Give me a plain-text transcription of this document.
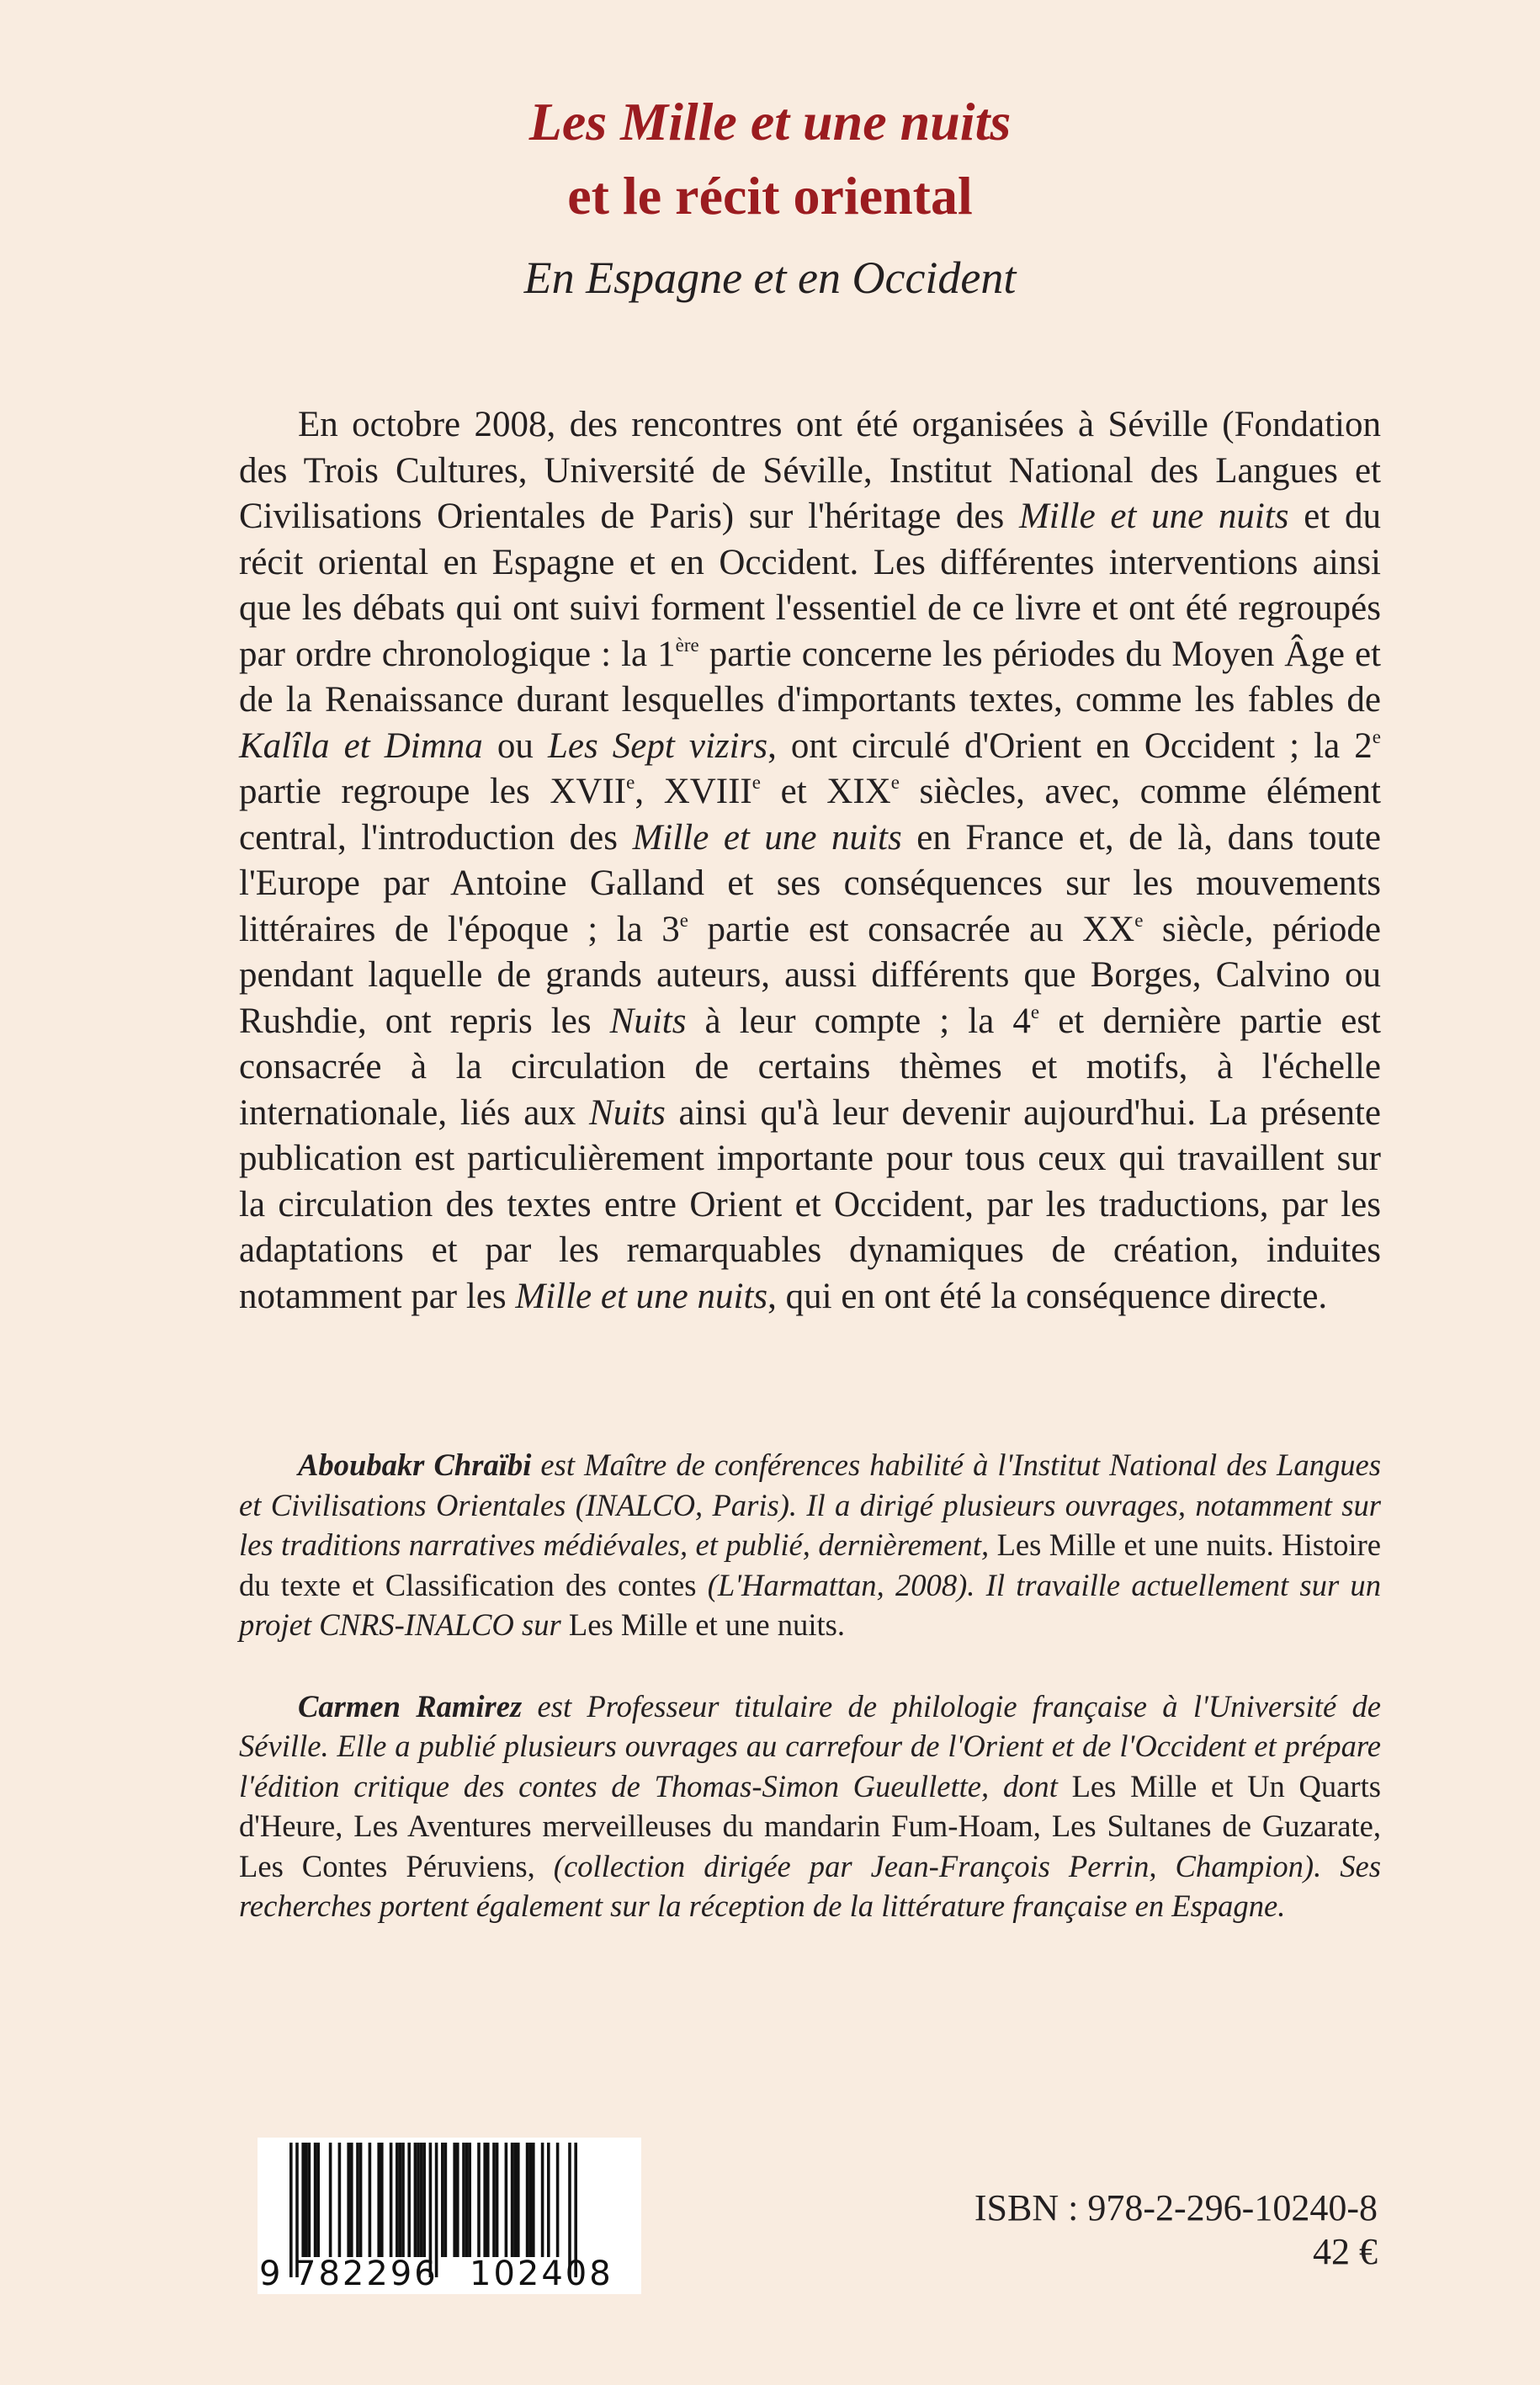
Les Mille et une nuits
et le récit oriental
En Espagne et en Occident

En octobre 2008, des rencontres ont été organisées à Séville (Fondation des Trois Cultures, Université de Séville, Institut National des Langues et Civilisations Orientales de Paris) sur l'héritage des Mille et une nuits et du récit oriental en Espagne et en Occident. Les différentes interventions ainsi que les débats qui ont suivi forment l'essentiel de ce livre et ont été regroupés par ordre chronologique : la 1ère partie concerne les périodes du Moyen Âge et de la Renaissance durant lesquelles d'importants textes, comme les fables de Kalîla et Dimna ou Les Sept vizirs, ont circulé d'Orient en Occident ; la 2e partie regroupe les XVIIe, XVIIIe et XIXe siècles, avec, comme élément central, l'introduction des Mille et une nuits en France et, de là, dans toute l'Europe par Antoine Galland et ses conséquences sur les mouvements littéraires de l'époque ; la 3e partie est consacrée au XXe siècle, période pendant laquelle de grands auteurs, aussi différents que Borges, Calvino ou Rushdie, ont repris les Nuits à leur compte ; la 4e et dernière partie est consacrée à la circulation de certains thèmes et motifs, à l'échelle internationale, liés aux Nuits ainsi qu'à leur devenir aujourd'hui. La présente publication est particulièrement importante pour tous ceux qui travaillent sur la circulation des textes entre Orient et Occident, par les traductions, par les adaptations et par les remarquables dynamiques de création, induites notamment par les Mille et une nuits, qui en ont été la conséquence directe.

Aboubakr Chraïbi est Maître de conférences habilité à l'Institut National des Langues et Civilisations Orientales (INALCO, Paris). Il a dirigé plusieurs ouvrages, notamment sur les traditions narratives médiévales, et publié, dernièrement, Les Mille et une nuits. Histoire du texte et Classification des contes (L'Harmattan, 2008). Il travaille actuellement sur un projet CNRS-INALCO sur Les Mille et une nuits.

Carmen Ramirez est Professeur titulaire de philologie française à l'Université de Séville. Elle a publié plusieurs ouvrages au carrefour de l'Orient et de l'Occident et prépare l'édition critique des contes de Thomas-Simon Gueullette, dont Les Mille et Un Quarts d'Heure, Les Aventures merveilleuses du mandarin Fum-Hoam, Les Sultanes de Guzarate, Les Contes Péruviens, (collection dirigée par Jean-François Perrin, Champion). Ses recherches portent également sur la réception de la littérature française en Espagne.

9 782296 102408
ISBN : 978-2-296-10240-8
42 €
